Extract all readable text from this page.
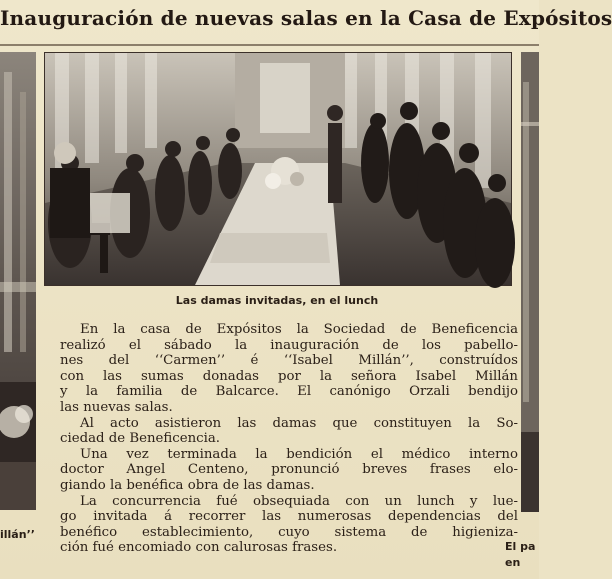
Inauguración de nuevas salas en la Casa de Expósitos
Las damas invitadas, en el lunch
En la casa de Expósitos la Sociedad de Beneficencia
realizó el sábado la inauguración de los pabello-
nes del ‘‘Carmen’’ é ‘‘Isabel Millán’’, construídos
con las sumas donadas por la señora Isabel Millán
y la familia de Balcarce. El canónigo Orzali bendijo
las nuevas salas.
Al acto asistieron las damas que constituyen la So-
ciedad de Beneficencia.
Una vez terminada la bendición el médico interno
doctor Angel Centeno, pronunció breves frases elo-
giando la benéfica obra de las damas.
La concurrencia fué obsequiada con un lunch y lue-
go invitada á recorrer las numerosas dependencias del
benéfico establecimiento, cuyo sistema de higieniza-
ción fué encomiado con calurosas frases.
illán’’
El pa
en
